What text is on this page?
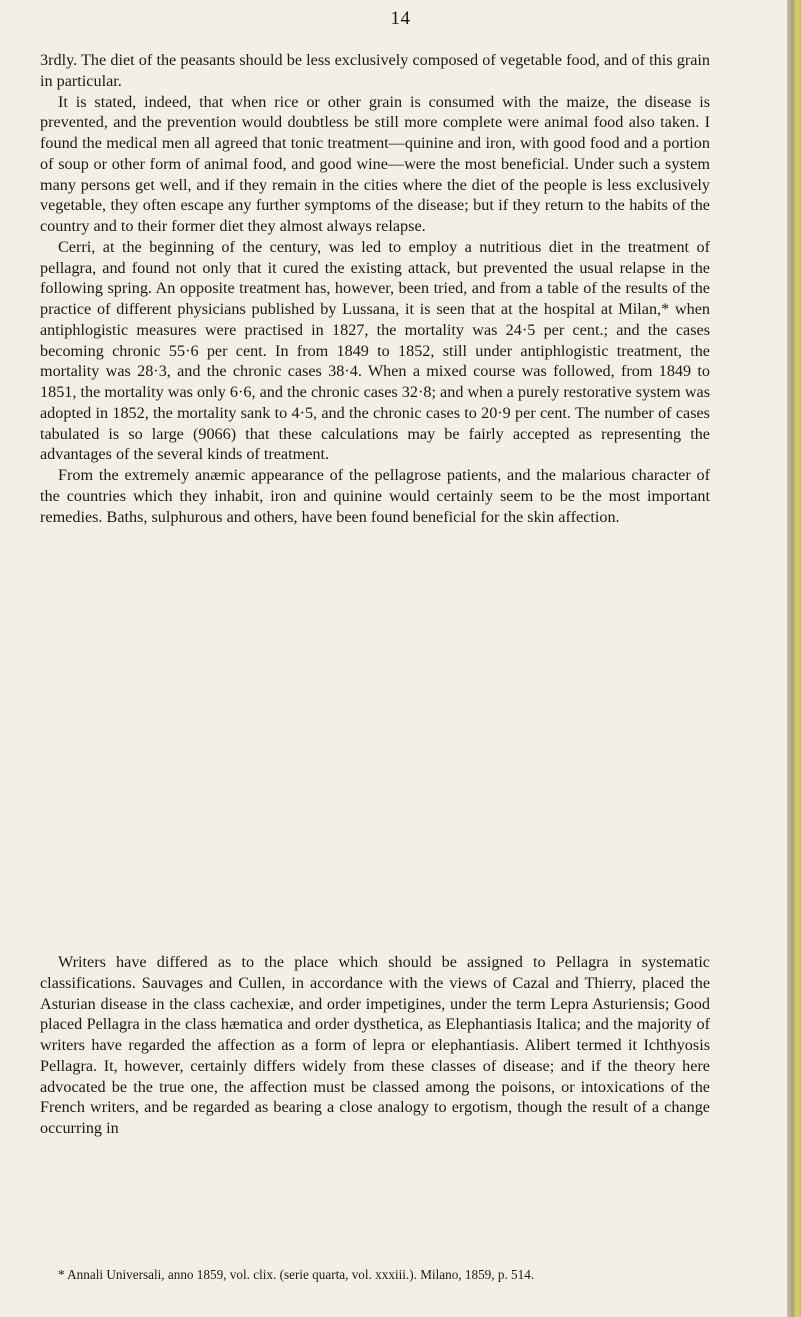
14

3rdly. The diet of the peasants should be less exclusively composed of vegetable food, and of this grain in particular.

It is stated, indeed, that when rice or other grain is consumed with the maize, the disease is prevented, and the prevention would doubtless be still more complete were animal food also taken. I found the medical men all agreed that tonic treatment—quinine and iron, with good food and a portion of soup or other form of animal food, and good wine—were the most beneficial. Under such a system many persons get well, and if they remain in the cities where the diet of the people is less exclusively vegetable, they often escape any further symptoms of the disease; but if they return to the habits of the country and to their former diet they almost always relapse.

Cerri, at the beginning of the century, was led to employ a nutritious diet in the treatment of pellagra, and found not only that it cured the existing attack, but prevented the usual relapse in the following spring. An opposite treatment has, however, been tried, and from a table of the results of the practice of different physicians published by Lussana, it is seen that at the hospital at Milan,* when antiphlogistic measures were practised in 1827, the mortality was 24·5 per cent.; and the cases becoming chronic 55·6 per cent. In from 1849 to 1852, still under antiphlogistic treatment, the mortality was 28·3, and the chronic cases 38·4. When a mixed course was followed, from 1849 to 1851, the mortality was only 6·6, and the chronic cases 32·8; and when a purely restorative system was adopted in 1852, the mortality sank to 4·5, and the chronic cases to 20·9 per cent. The number of cases tabulated is so large (9066) that these calculations may be fairly accepted as representing the advantages of the several kinds of treatment.

From the extremely anæmic appearance of the pellagrose patients, and the malarious character of the countries which they inhabit, iron and quinine would certainly seem to be the most important remedies. Baths, sulphurous and others, have been found beneficial for the skin affection.

Writers have differed as to the place which should be assigned to Pellagra in systematic classifications. Sauvages and Cullen, in accordance with the views of Cazal and Thierry, placed the Asturian disease in the class cachexiæ, and order impetigines, under the term Lepra Asturiensis; Good placed Pellagra in the class hæmatica and order dysthetica, as Elephantiasis Italica; and the majority of writers have regarded the affection as a form of lepra or elephantiasis. Alibert termed it Ichthyosis Pellagra. It, however, certainly differs widely from these classes of disease; and if the theory here advocated be the true one, the affection must be classed among the poisons, or intoxications of the French writers, and be regarded as bearing a close analogy to ergotism, though the result of a change occurring in

* Annali Universali, anno 1859, vol. clix. (serie quarta, vol. xxxiii.). Milano, 1859, p. 514.
